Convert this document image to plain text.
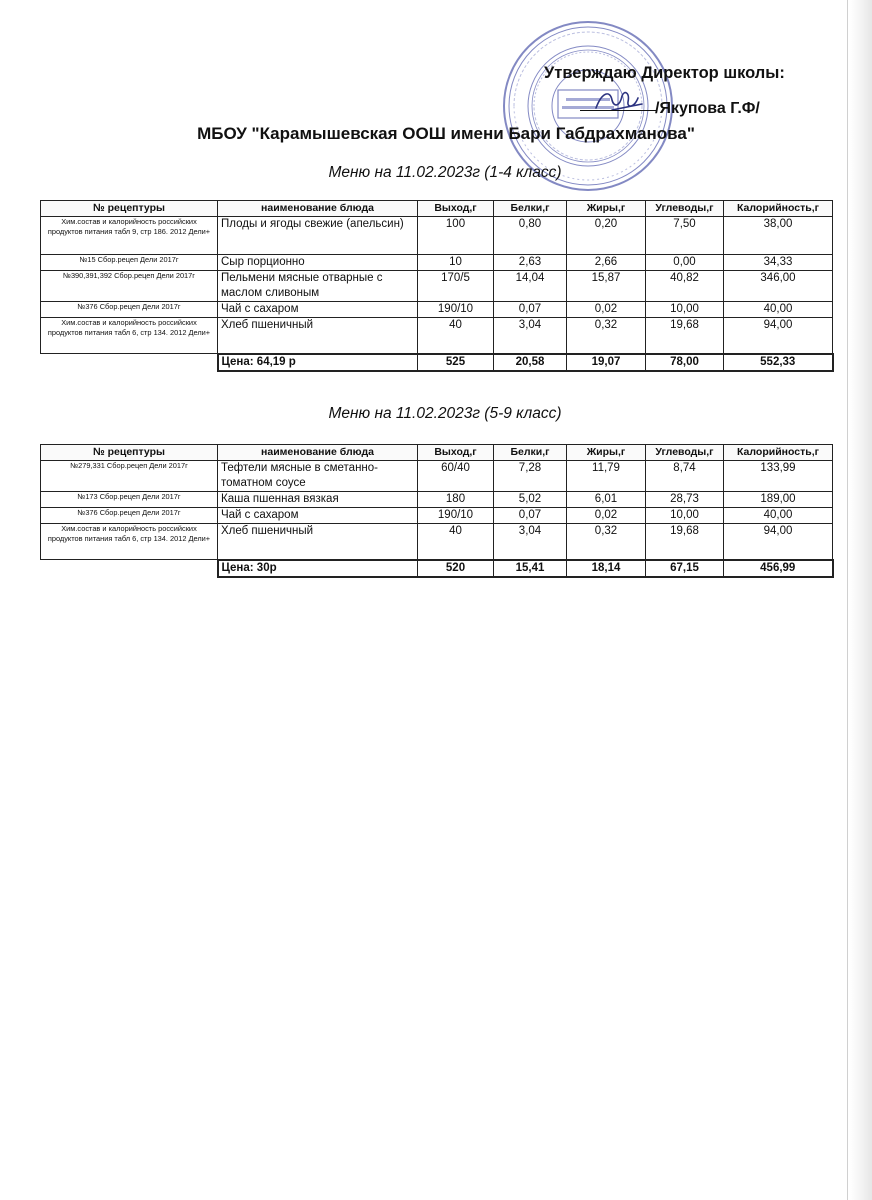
Утверждаю Директор школы:
/Якупова Г.Ф/
МБОУ "Карамышевская ООШ имени Бари Габдрахманова"
Меню на 11.02.2023г (1-4 класс)
№ рецептуры	наименование блюда	Выход,г	Белки,г	Жиры,г	Углеводы,г	Калорийность,г
Хим.состав и калорийность российских продуктов питания табл 9, стр 186. 2012 Дели+	Плоды и ягоды свежие (апельсин)	100	0,80	0,20	7,50	38,00
№15 Сбор.рецеп Дели 2017г	Сыр порционно	10	2,63	2,66	0,00	34,33
№390,391,392 Сбор.рецеп Дели 2017г	Пельмени мясные отварные с маслом сливоным	170/5	14,04	15,87	40,82	346,00
№376 Сбор.рецеп Дели 2017г	Чай с сахаром	190/10	0,07	0,02	10,00	40,00
Хим.состав и калорийность российских продуктов питания табл 6, стр 134. 2012 Дели+	Хлеб пшеничный	40	3,04	0,32	19,68	94,00
	Цена: 64,19 р	525	20,58	19,07	78,00	552,33
Меню на 11.02.2023г (5-9 класс)
№ рецептуры	наименование блюда	Выход,г	Белки,г	Жиры,г	Углеводы,г	Калорийность,г
№279,331 Сбор.рецеп Дели 2017г	Тефтели мясные в сметанно-томатном соусе	60/40	7,28	11,79	8,74	133,99
№173 Сбор.рецеп Дели 2017г	Каша пшенная вязкая	180	5,02	6,01	28,73	189,00
№376 Сбор.рецеп Дели 2017г	Чай с сахаром	190/10	0,07	0,02	10,00	40,00
Хим.состав и калорийность российских продуктов питания табл 6, стр 134. 2012 Дели+	Хлеб пшеничный	40	3,04	0,32	19,68	94,00
	Цена: 30р	520	15,41	18,14	67,15	456,99
